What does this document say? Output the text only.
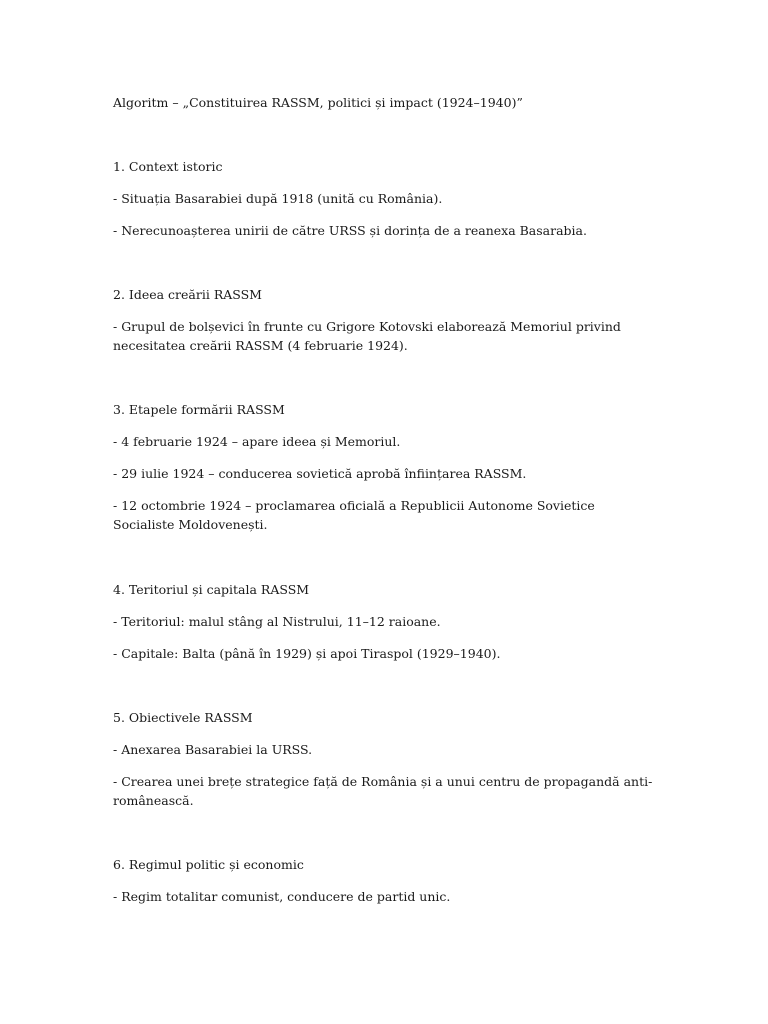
Algoritm – „Constituirea RASSM, politici și impact (1924–1940)”

1. Context istoric

- Situația Basarabiei după 1918 (unită cu România).

- Nerecunoașterea unirii de către URSS și dorința de a reanexa Basarabia.

2. Ideea creării RASSM

- Grupul de bolșevici în frunte cu Grigore Kotovski elaborează Memoriul privind necesitatea creării RASSM (4 februarie 1924).

3. Etapele formării RASSM

- 4 februarie 1924 – apare ideea și Memoriul.

- 29 iulie 1924 – conducerea sovietică aprobă înființarea RASSM.

- 12 octombrie 1924 – proclamarea oficială a Republicii Autonome Sovietice Socialiste Moldovenești.

4. Teritoriul și capitala RASSM

- Teritoriul: malul stâng al Nistrului, 11–12 raioane.

- Capitale: Balta (până în 1929) și apoi Tiraspol (1929–1940).

5. Obiectivele RASSM

- Anexarea Basarabiei la URSS.

- Crearea unei brețe strategice față de România și a unui centru de propagandă anti-românească.

6. Regimul politic și economic

- Regim totalitar comunist, conducere de partid unic.
